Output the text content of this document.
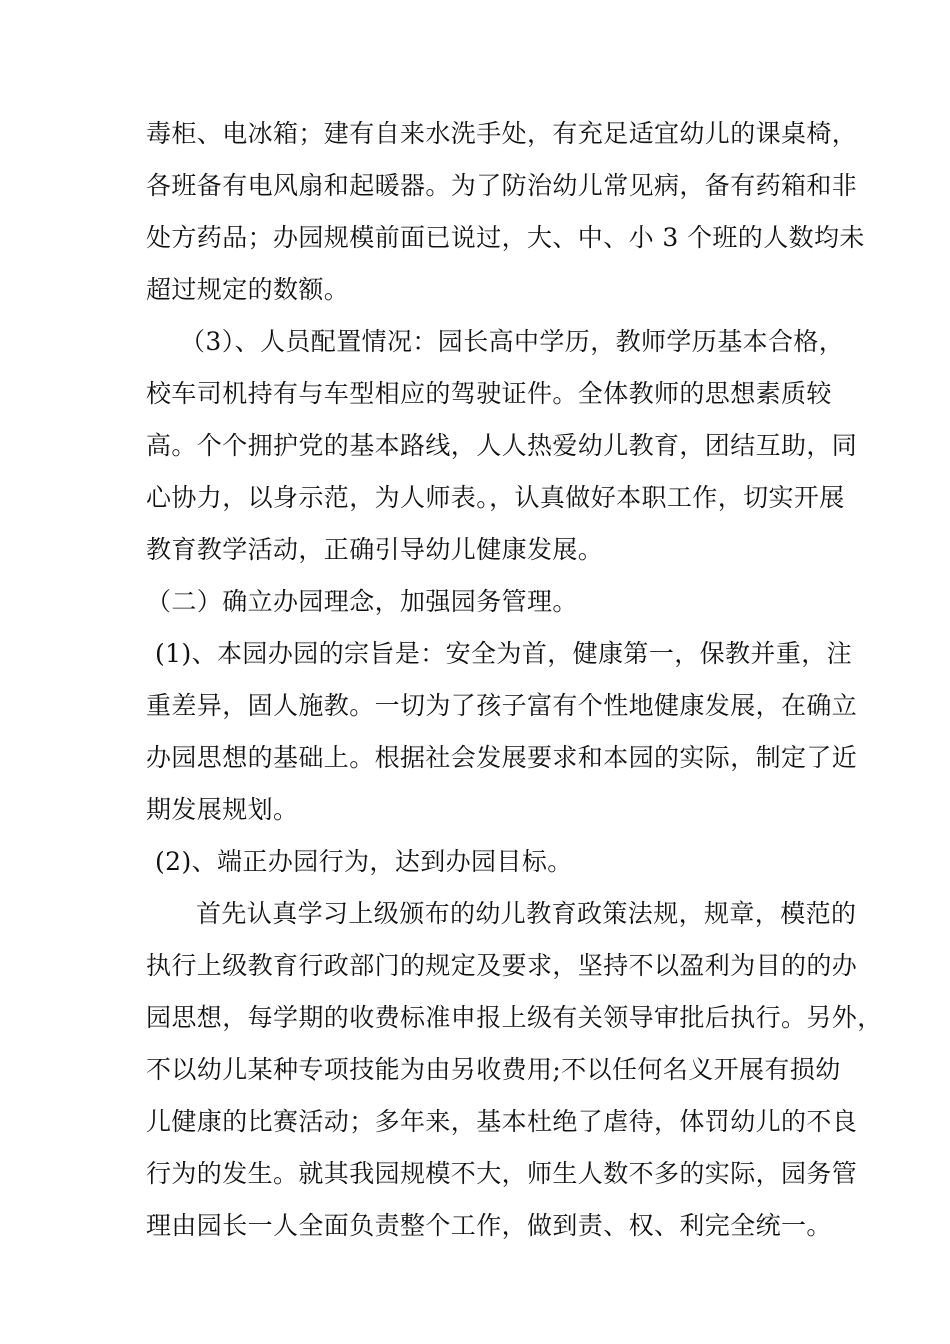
毒柜、电冰箱；建有自来水洗手处，有充足适宜幼儿的课桌椅，
各班备有电风扇和起暖器。为了防治幼儿常见病，备有药箱和非
处方药品；办园规模前面已说过，大、中、小 3 个班的人数均未
超过规定的数额。
（3）、人员配置情况：园长高中学历，教师学历基本合格，
校车司机持有与车型相应的驾驶证件。全体教师的思想素质较
高。个个拥护党的基本路线，人人热爱幼儿教育，团结互助，同
心协力，以身示范，为人师表。，认真做好本职工作，切实开展
教育教学活动，正确引导幼儿健康发展。
（二）确立办园理念，加强园务管理。
(1)、本园办园的宗旨是：安全为首，健康第一，保教并重，注
重差异，固人施教。一切为了孩子富有个性地健康发展，在确立
办园思想的基础上。根据社会发展要求和本园的实际，制定了近
期发展规划。
(2)、端正办园行为，达到办园目标。
首先认真学习上级颁布的幼儿教育政策法规，规章，模范的
执行上级教育行政部门的规定及要求，坚持不以盈利为目的的办
园思想，每学期的收费标准申报上级有关领导审批后执行。另外，
不以幼儿某种专项技能为由另收费用;不以任何名义开展有损幼
儿健康的比赛活动；多年来，基本杜绝了虐待，体罚幼儿的不良
行为的发生。就其我园规模不大，师生人数不多的实际，园务管
理由园长一人全面负责整个工作，做到责、权、利完全统一。
